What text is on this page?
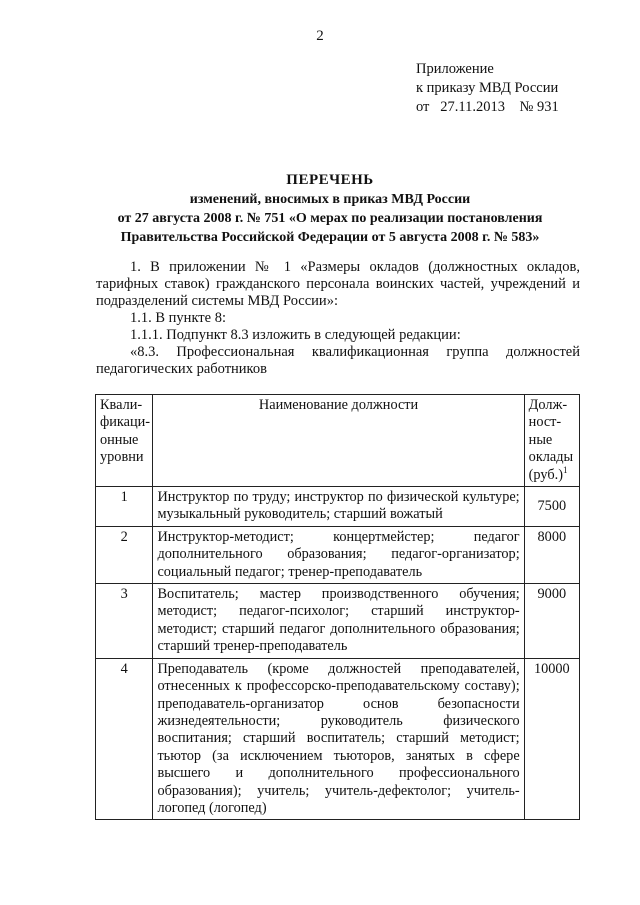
2
Приложение
к приказу МВД России
от   27.11.2013    № 931
ПЕРЕЧЕНЬ
изменений, вносимых в приказ МВД России
от 27 августа 2008 г. № 751 «О мерах по реализации постановления
Правительства Российской Федерации от 5 августа 2008 г. № 583»

1. В приложении № 1 «Размеры окладов (должностных окладов, тарифных ставок) гражданского персонала воинских частей, учреждений и подразделений системы МВД России»:

1.1. В пункте 8:

1.1.1. Подпункт 8.3 изложить в следующей редакции:

«8.3. Профессиональная квалификационная группа должностей

педагогических работников

Квали-фикаци-онные уровни	Наименование должности	Долж-ност-ные оклады $(руб.)^1$
1	Инструктор по труду; инструктор по физической культуре; музыкальный руководитель; старший вожатый	7500
2	Инструктор-методист; концертмейстер; педагог дополнительного образования; педагог-организатор; социальный педагог; тренер-преподаватель	8000
3	Воспитатель; мастер производственного обучения; методист; педагог-психолог; старший инструктор-методист; старший педагог дополнительного образования; старший тренер-преподаватель	9000
4	Преподаватель (кроме должностей преподавателей, отнесенных к профессорско-преподавательскому составу); преподаватель-организатор основ безопасности жизнедеятельности; руководитель физического воспитания; старший воспитатель; старший методист; тьютор (за исключением тьюторов, занятых в сфере высшего и дополнительного профессионального образования); учитель; учитель-дефектолог; учитель-логопед (логопед)	10000
